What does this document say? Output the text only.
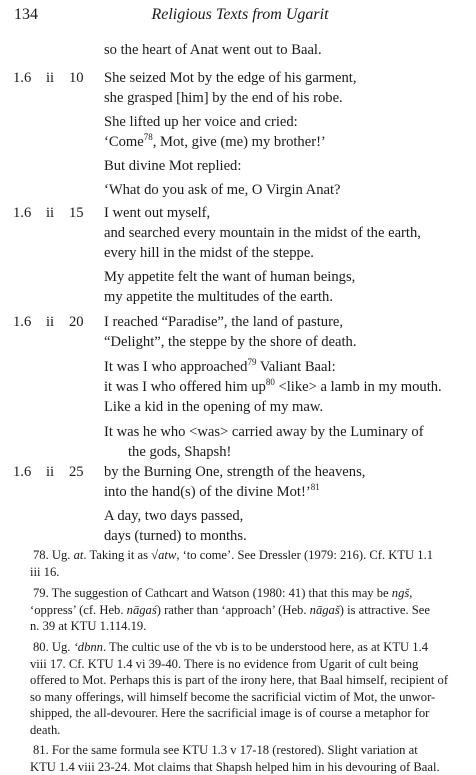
134	Religious Texts from Ugarit
so the heart of Anat went out to Baal.
1.6 ii 10 She seized Mot by the edge of his garment,
she grasped [him] by the end of his robe.
She lifted up her voice and cried:
‘Come$^{78}$, Mot, give (me) my brother!’
But divine Mot replied:
‘What do you ask of me, O Virgin Anat?
1.6 ii 15 I went out myself,
and searched every mountain in the midst of the earth,
every hill in the midst of the steppe.
My appetite felt the want of human beings,
my appetite the multitudes of the earth.
1.6 ii 20 I reached “Paradise”, the land of pasture,
“Delight”, the steppe by the shore of death.
It was I who approached$^{79}$ Valiant Baal:
it was I who offered him $up^{80}$ <like> a lamb in my mouth.
Like a kid in the opening of my maw.
It was he who <was> carried away by the Luminary of
the gods, Shapsh!
1.6 ii 25 by the Burning One, strength of the heavens,
into the hand(s) of the divine Mot!’$^{81}$
A day, two days passed,
days (turned) to months.
78. Ug. at. Taking it as √atw, ‘to come’. See Dressler (1979: 216). Cf. KTU 1.1
iii 16.
79. The suggestion of Cathcart and Watson (1980: 41) that this may be ngš,
‘oppress’ (cf. Heb. nāgaś) rather than ‘approach’ (Heb. nāgaš) is attractive. See
n. 39 at KTU 1.114.19.
80. Ug. ‘dbnn. The cultic use of the vb is to be understood here, as at KTU 1.4
viii 17. Cf. KTU 1.4 vi 39-40. There is no evidence from Ugarit of cult being
offered to Mot. Perhaps this is part of the irony here, that Baal himself, recipient of
so many offerings, will himself become the sacrificial victim of Mot, the unwor-
shipped, the all-devourer. Here the sacrificial image is of course a metaphor for
death.
81. For the same formula see KTU 1.3 v 17-18 (restored). Slight variation at
KTU 1.4 viii 23-24. Mot claims that Shapsh helped him in his devouring of Baal.
